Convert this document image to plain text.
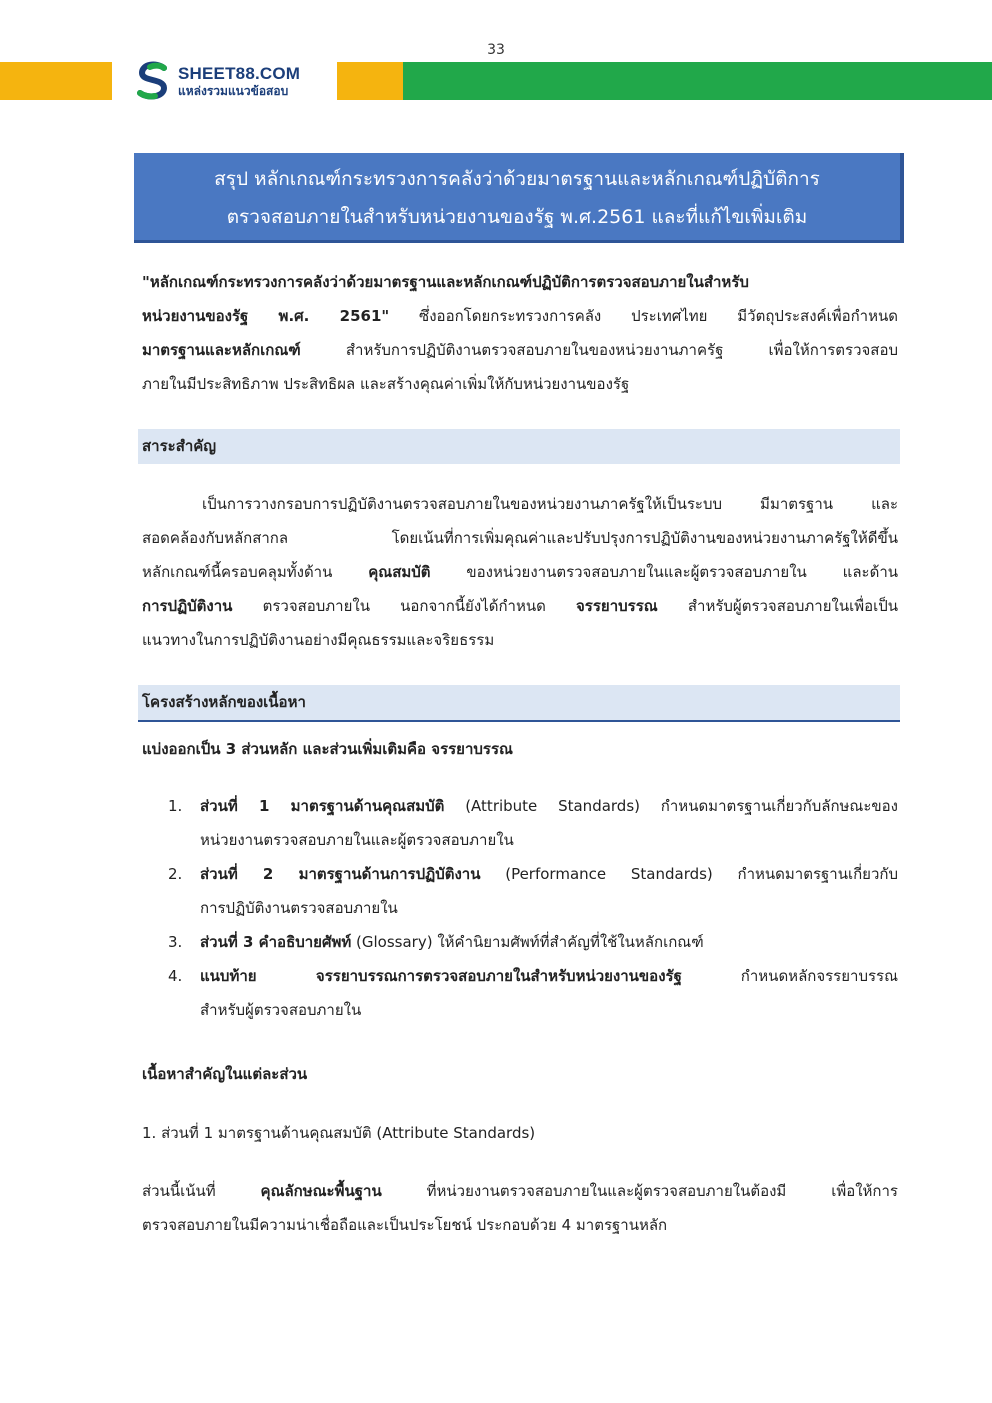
33
SHEET88.COM
แหล่งรวมแนวข้อสอบ
สรุป หลักเกณฑ์กระทรวงการคลังว่าด้วยมาตรฐานและหลักเกณฑ์ปฏิบัติการ
ตรวจสอบภายในสำหรับหน่วยงานของรัฐ พ.ศ.2561 และที่แก้ไขเพิ่มเติม
"หลักเกณฑ์กระทรวงการคลังว่าด้วยมาตรฐานและหลักเกณฑ์ปฏิบัติการตรวจสอบภายในสำหรับ
หน่วยงานของรัฐ พ.ศ. 2561" ซึ่งออกโดยกระทรวงการคลัง ประเทศไทย มีวัตถุประสงค์เพื่อกำหนด
มาตรฐานและหลักเกณฑ์ สำหรับการปฏิบัติงานตรวจสอบภายในของหน่วยงานภาครัฐ เพื่อให้การตรวจสอบ
ภายในมีประสิทธิภาพ ประสิทธิผล และสร้างคุณค่าเพิ่มให้กับหน่วยงานของรัฐ
สาระสำคัญ
เป็นการวางกรอบการปฏิบัติงานตรวจสอบภายในของหน่วยงานภาครัฐให้เป็นระบบ มีมาตรฐาน และ
สอดคล้องกับหลักสากล โดยเน้นที่การเพิ่มคุณค่าและปรับปรุงการปฏิบัติงานของหน่วยงานภาครัฐให้ดีขึ้น
หลักเกณฑ์นี้ครอบคลุมทั้งด้าน คุณสมบัติ ของหน่วยงานตรวจสอบภายในและผู้ตรวจสอบภายใน และด้าน
การปฏิบัติงาน ตรวจสอบภายใน นอกจากนี้ยังได้กำหนด จรรยาบรรณ สำหรับผู้ตรวจสอบภายในเพื่อเป็น
แนวทางในการปฏิบัติงานอย่างมีคุณธรรมและจริยธรรม
โครงสร้างหลักของเนื้อหา
แบ่งออกเป็น 3 ส่วนหลัก และส่วนเพิ่มเติมคือ จรรยาบรรณ
1.	ส่วนที่ 1 มาตรฐานด้านคุณสมบัติ (Attribute Standards) กำหนดมาตรฐานเกี่ยวกับลักษณะของ
หน่วยงานตรวจสอบภายในและผู้ตรวจสอบภายใน
2.	ส่วนที่ 2 มาตรฐานด้านการปฏิบัติงาน (Performance Standards) กำหนดมาตรฐานเกี่ยวกับ
การปฏิบัติงานตรวจสอบภายใน
3.	ส่วนที่ 3 คำอธิบายศัพท์ (Glossary) ให้คำนิยามศัพท์ที่สำคัญที่ใช้ในหลักเกณฑ์
4.	แนบท้าย จรรยาบรรณการตรวจสอบภายในสำหรับหน่วยงานของรัฐ กำหนดหลักจรรยาบรรณ
สำหรับผู้ตรวจสอบภายใน
เนื้อหาสำคัญในแต่ละส่วน
1. ส่วนที่ 1 มาตรฐานด้านคุณสมบัติ (Attribute Standards)
ส่วนนี้เน้นที่ คุณลักษณะพื้นฐาน ที่หน่วยงานตรวจสอบภายในและผู้ตรวจสอบภายในต้องมี เพื่อให้การ
ตรวจสอบภายในมีความน่าเชื่อถือและเป็นประโยชน์ ประกอบด้วย 4 มาตรฐานหลัก
